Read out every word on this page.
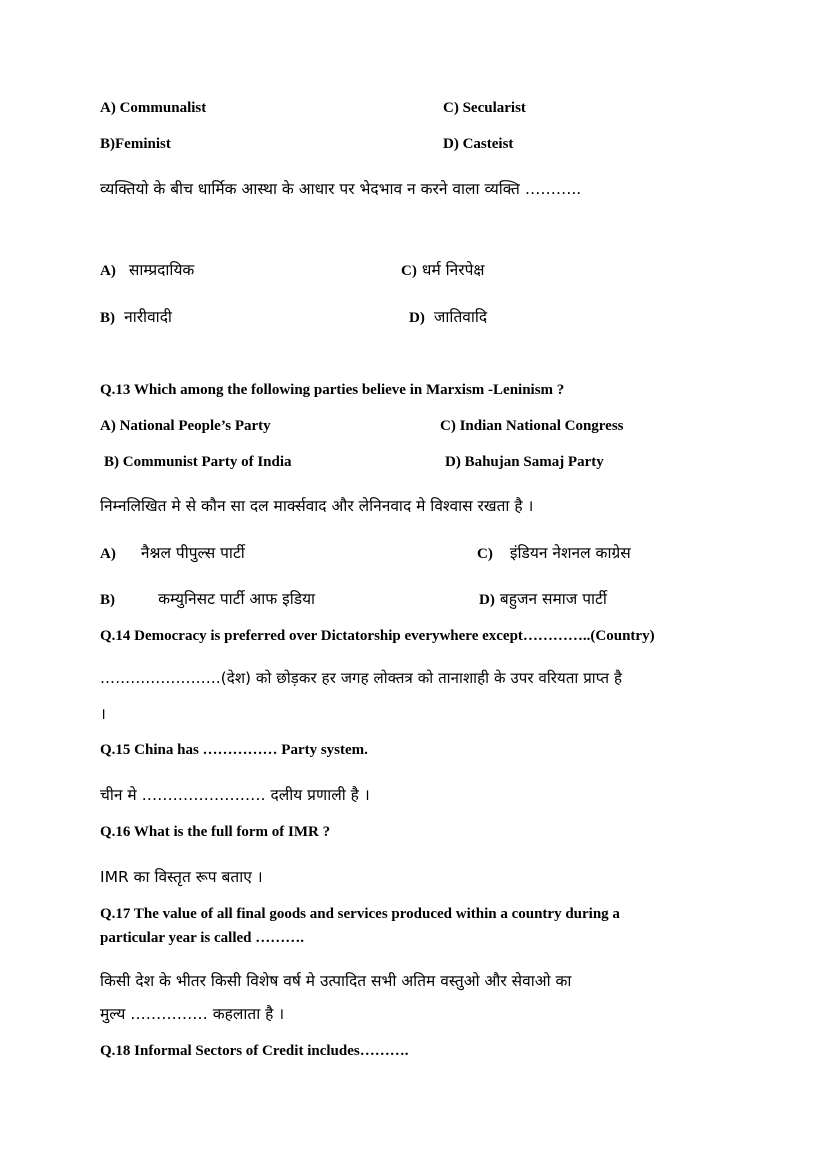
A) Communalist	C) Secularist
B)Feminist	D) Casteist
व्यक्तियो के बीच धार्मिक आस्था के आधार पर भेदभाव न करने वाला व्यक्ति ………..
A) साम्प्रदायिक	C) धर्म निरपेक्ष
B) नारीवादी	D) जातिवादि
Q.13 Which among the following parties believe in Marxism -Leninism ?
A) National People’s Party	C) Indian National Congress
B) Communist Party of India	D) Bahujan Samaj Party
निम्नलिखित मे से कौन सा दल मार्क्सवाद और लेनिनवाद मे विश्वास रखता है ।
A) नैश्नल पीपुल्स पार्टी	C) इंडियन नेशनल काग्रेस
B)	कम्युनिसट पार्टी आफ इडिया	D) बहुजन समाज पार्टी
Q.14 Democracy is preferred over Dictatorship everywhere except…………..(Country)
……………………(देश) को छोड़कर हर जगह लोक्तत्र को तानाशाही के उपर वरियता प्राप्त है
।
Q.15 China has …………… Party system.
चीन मे …………………… दलीय प्रणाली है ।
Q.16 What is the full form of IMR ?
IMR का विस्तृत रूप बताए ।
Q.17 The value of all final goods and services produced within a country during a
particular year is called ……….
किसी देश के भीतर किसी विशेष वर्ष मे उत्पादित सभी अतिम वस्तुओ और सेवाओ का
मुल्य …………… कहलाता है ।
Q.18 Informal Sectors of Credit includes……….
